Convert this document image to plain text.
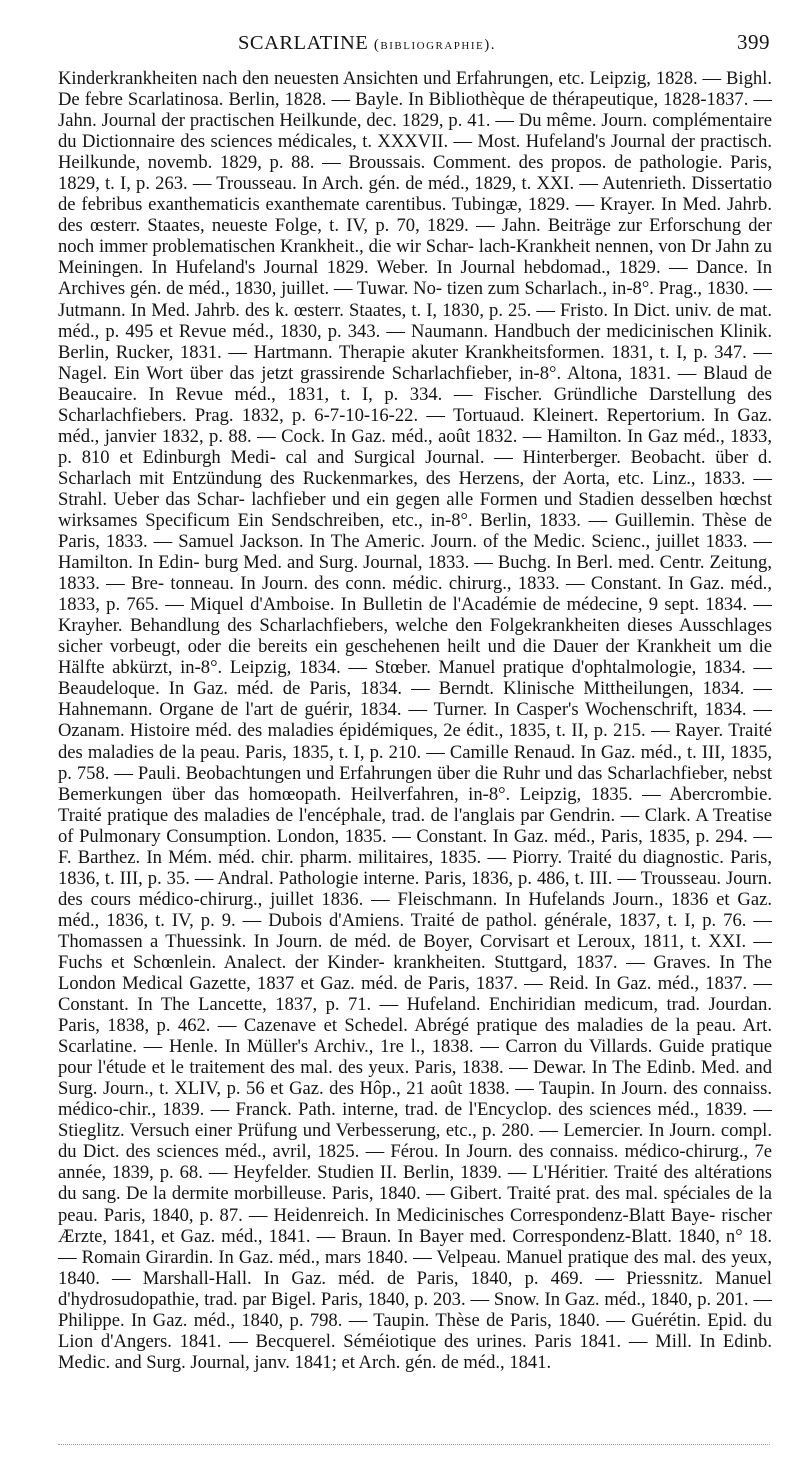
SCARLATINE (bibliographie).	399
Kinderkrankheiten nach den neuesten Ansichten und Erfahrungen, etc. Leipzig, 1828. — Bighl. De febre Scarlatinosa. Berlin, 1828. — Bayle. In Bibliothèque de thérapeutique, 1828-1837. — Jahn. Journal der practischen Heilkunde, dec. 1829, p. 41. — Du même. Journ. complémentaire du Dictionnaire des sciences médicales, t. XXXVII. — Most. Hufeland's Journal der practisch. Heilkunde, novemb. 1829, p. 88. — Broussais. Comment. des propos. de pathologie. Paris, 1829, t. I, p. 263. — Trousseau. In Arch. gén. de méd., 1829, t. XXI. — Autenrieth. Dissertatio de febribus exanthematicis exanthemate carentibus. Tubingæ, 1829. — Krayer. In Med. Jahrb. des œsterr. Staates, neueste Folge, t. IV, p. 70, 1829. — Jahn. Beiträge zur Erforschung der noch immer problematischen Krankheit., die wir Schar- lach-Krankheit nennen, von Dr Jahn zu Meiningen. In Hufeland's Journal 1829. Weber. In Journal hebdomad., 1829. — Dance. In Archives gén. de méd., 1830, juillet. — Tuwar. No- tizen zum Scharlach., in-8°. Prag., 1830. — Jutmann. In Med. Jahrb. des k. œsterr. Staates, t. I, 1830, p. 25. — Fristo. In Dict. univ. de mat. méd., p. 495 et Revue méd., 1830, p. 343. — Naumann. Handbuch der medicinischen Klinik. Berlin, Rucker, 1831. — Hartmann. Therapie akuter Krankheitsformen. 1831, t. I, p. 347. — Nagel. Ein Wort über das jetzt grassirende Scharlachfieber, in-8°. Altona, 1831. — Blaud de Beaucaire. In Revue méd., 1831, t. I, p. 334. — Fischer. Gründliche Darstellung des Scharlachfiebers. Prag. 1832, p. 6-7-10-16-22. — Tortuaud. Kleinert. Repertorium. In Gaz. méd., janvier 1832, p. 88. — Cock. In Gaz. méd., août 1832. — Hamilton. In Gaz méd., 1833, p. 810 et Edinburgh Medi- cal and Surgical Journal. — Hinterberger. Beobacht. über d. Scharlach mit Entzündung des Ruckenmarkes, des Herzens, der Aorta, etc. Linz., 1833. — Strahl. Ueber das Schar- lachfieber und ein gegen alle Formen und Stadien desselben hœchst wirksames Specificum Ein Sendschreiben, etc., in-8°. Berlin, 1833. — Guillemin. Thèse de Paris, 1833. — Samuel Jackson. In The Americ. Journ. of the Medic. Scienc., juillet 1833. — Hamilton. In Edin- burg Med. and Surg. Journal, 1833. — Buchg. In Berl. med. Centr. Zeitung, 1833. — Bre- tonneau. In Journ. des conn. médic. chirurg., 1833. — Constant. In Gaz. méd., 1833, p. 765. — Miquel d'Amboise. In Bulletin de l'Académie de médecine, 9 sept. 1834. — Krayher. Behandlung des Scharlachfiebers, welche den Folgekrankheiten dieses Ausschlages sicher vorbeugt, oder die bereits ein geschehenen heilt und die Dauer der Krankheit um die Hälfte abkürzt, in-8°. Leipzig, 1834. — Stœber. Manuel pratique d'ophtalmologie, 1834. — Beaudeloque. In Gaz. méd. de Paris, 1834. — Berndt. Klinische Mittheilungen, 1834. — Hahnemann. Organe de l'art de guérir, 1834. — Turner. In Casper's Wochenschrift, 1834. — Ozanam. Histoire méd. des maladies épidémiques, 2e édit., 1835, t. II, p. 215. — Rayer. Traité des maladies de la peau. Paris, 1835, t. I, p. 210. — Camille Renaud. In Gaz. méd., t. III, 1835, p. 758. — Pauli. Beobachtungen und Erfahrungen über die Ruhr und das Scharlachfieber, nebst Bemerkungen über das homœopath. Heilverfahren, in-8°. Leipzig, 1835. — Abercrombie. Traité pratique des maladies de l'encéphale, trad. de l'anglais par Gendrin. — Clark. A Treatise of Pulmonary Consumption. London, 1835. — Constant. In Gaz. méd., Paris, 1835, p. 294. — F. Barthez. In Mém. méd. chir. pharm. militaires, 1835. — Piorry. Traité du diagnostic. Paris, 1836, t. III, p. 35. — Andral. Pathologie interne. Paris, 1836, p. 486, t. III. — Trousseau. Journ. des cours médico-chirurg., juillet 1836. — Fleischmann. In Hufelands Journ., 1836 et Gaz. méd., 1836, t. IV, p. 9. — Dubois d'Amiens. Traité de pathol. générale, 1837, t. I, p. 76. — Thomassen a Thuessink. In Journ. de méd. de Boyer, Corvisart et Leroux, 1811, t. XXI. — Fuchs et Schœnlein. Analect. der Kinder- krankheiten. Stuttgard, 1837. — Graves. In The London Medical Gazette, 1837 et Gaz. méd. de Paris, 1837. — Reid. In Gaz. méd., 1837. — Constant. In The Lancette, 1837, p. 71. — Hufeland. Enchiridian medicum, trad. Jourdan. Paris, 1838, p. 462. — Cazenave et Schedel. Abrégé pratique des maladies de la peau. Art. Scarlatine. — Henle. In Müller's Archiv., 1re l., 1838. — Carron du Villards. Guide pratique pour l'étude et le traitement des mal. des yeux. Paris, 1838. — Dewar. In The Edinb. Med. and Surg. Journ., t. XLIV, p. 56 et Gaz. des Hôp., 21 août 1838. — Taupin. In Journ. des connaiss. médico-chir., 1839. — Franck. Path. interne, trad. de l'Encyclop. des sciences méd., 1839. — Stieglitz. Versuch einer Prüfung und Verbesserung, etc., p. 280. — Lemercier. In Journ. compl. du Dict. des sciences méd., avril, 1825. — Férou. In Journ. des connaiss. médico-chirurg., 7e année, 1839, p. 68. — Heyfelder. Studien II. Berlin, 1839. — L'Héritier. Traité des altérations du sang. De la dermite morbilleuse. Paris, 1840. — Gibert. Traité prat. des mal. spéciales de la peau. Paris, 1840, p. 87. — Heidenreich. In Medicinisches Correspondenz-Blatt Baye- rischer Ærzte, 1841, et Gaz. méd., 1841. — Braun. In Bayer med. Correspondenz-Blatt. 1840, n° 18. — Romain Girardin. In Gaz. méd., mars 1840. — Velpeau. Manuel pratique des mal. des yeux, 1840. — Marshall-Hall. In Gaz. méd. de Paris, 1840, p. 469. — Priessnitz. Manuel d'hydrosudopathie, trad. par Bigel. Paris, 1840, p. 203. — Snow. In Gaz. méd., 1840, p. 201. — Philippe. In Gaz. méd., 1840, p. 798. — Taupin. Thèse de Paris, 1840. — Guérétin. Epid. du Lion d'Angers. 1841. — Becquerel. Séméiotique des urines. Paris 1841. — Mill. In Edinb. Medic. and Surg. Journal, janv. 1841; et Arch. gén. de méd., 1841.
